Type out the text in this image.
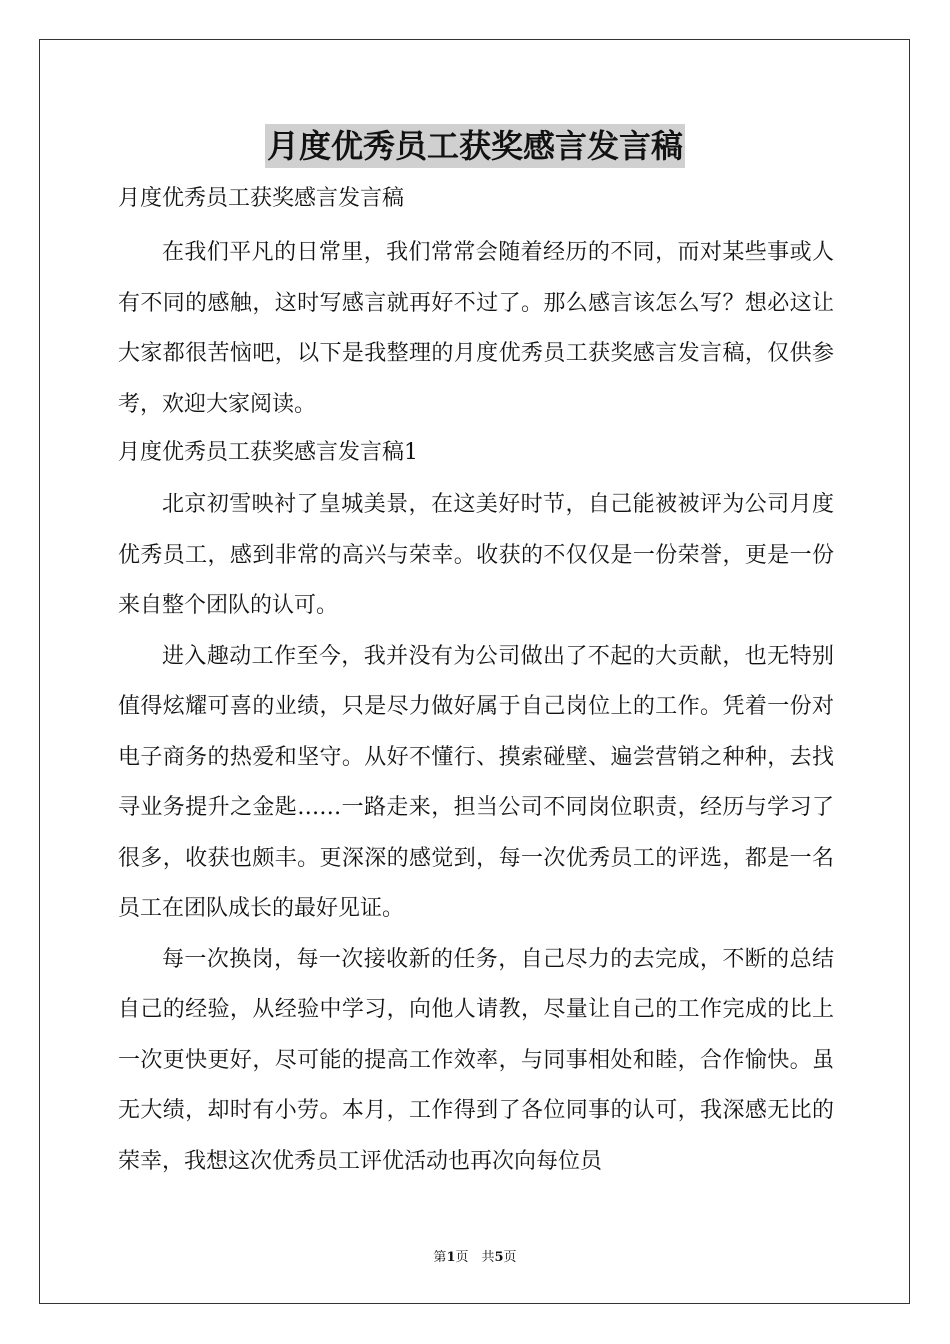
月度优秀员工获奖感言发言稿

月度优秀员工获奖感言发言稿

在我们平凡的日常里，我们常常会随着经历的不同，而对某些事或人有不同的感触，这时写感言就再好不过了。那么感言该怎么写？想必这让大家都很苦恼吧，以下是我整理的月度优秀员工获奖感言发言稿，仅供参考，欢迎大家阅读。

月度优秀员工获奖感言发言稿1

北京初雪映衬了皇城美景，在这美好时节，自己能被被评为公司月度优秀员工，感到非常的高兴与荣幸。收获的不仅仅是一份荣誉，更是一份来自整个团队的认可。

进入趣动工作至今，我并没有为公司做出了不起的大贡献，也无特别值得炫耀可喜的业绩，只是尽力做好属于自己岗位上的工作。凭着一份对电子商务的热爱和坚守。从好不懂行、摸索碰壁、遍尝营销之种种，去找寻业务提升之金匙……一路走来，担当公司不同岗位职责，经历与学习了很多，收获也颇丰。更深深的感觉到，每一次优秀员工的评选，都是一名员工在团队成长的最好见证。

每一次换岗，每一次接收新的任务，自己尽力的去完成，不断的总结自己的经验，从经验中学习，向他人请教，尽量让自己的工作完成的比上一次更快更好，尽可能的提高工作效率，与同事相处和睦，合作愉快。虽无大绩，却时有小劳。本月，工作得到了各位同事的认可，我深感无比的荣幸，我想这次优秀员工评优活动也再次向每位员

第1页　共5页
